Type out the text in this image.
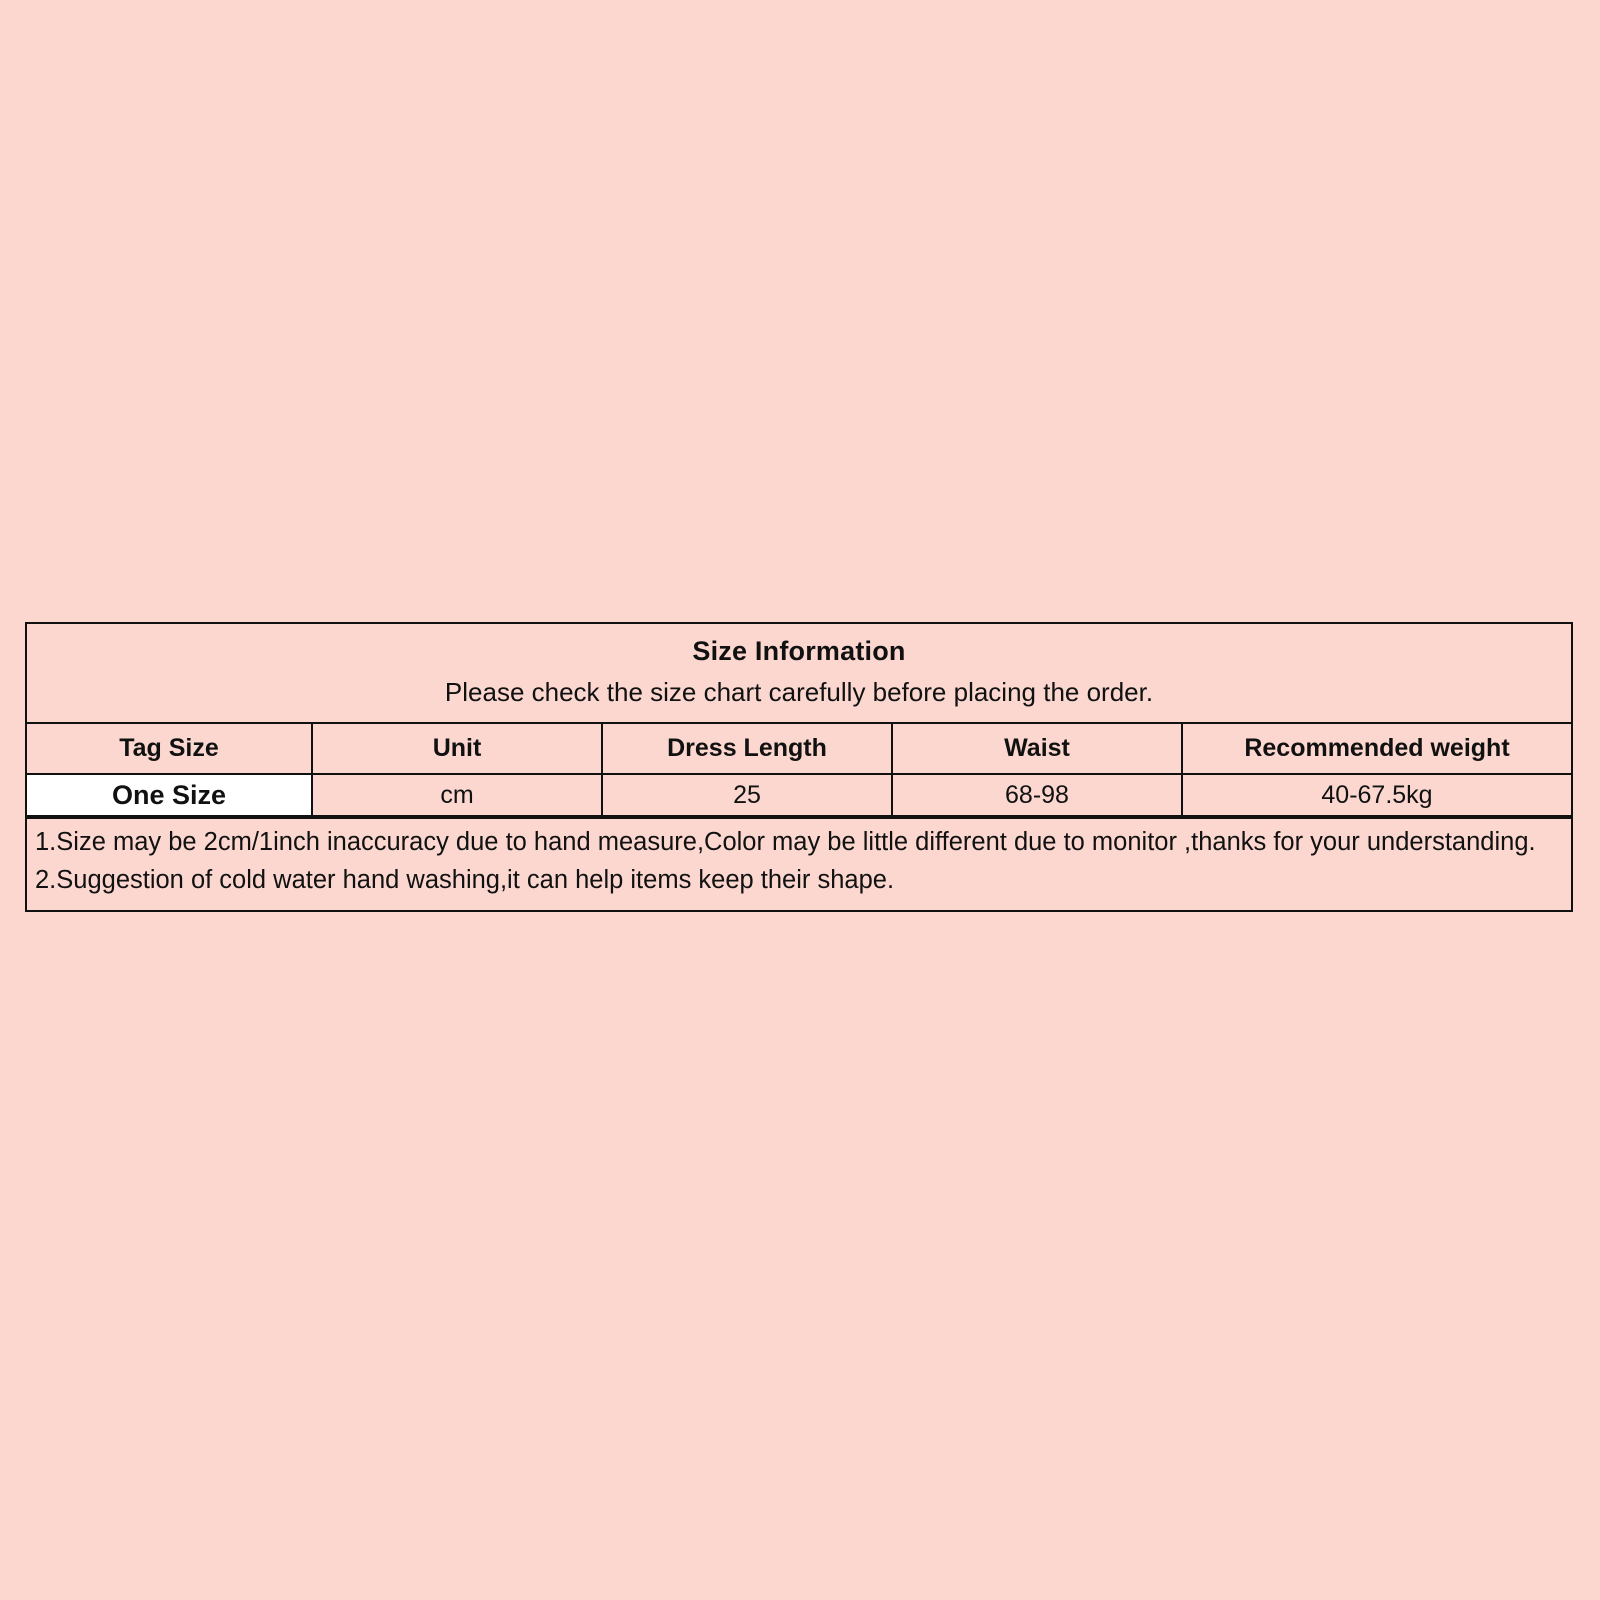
Size Information
Please check the size chart carefully before placing the order.
Tag Size	Unit	Dress Length	Waist	Recommended weight
One Size	cm	25	68-98	40-67.5kg
1.Size may be 2cm/1inch inaccuracy due to hand measure,Color may be little different due to monitor ,thanks for your understanding.
2.Suggestion of cold water hand washing,it can help items keep their shape.
